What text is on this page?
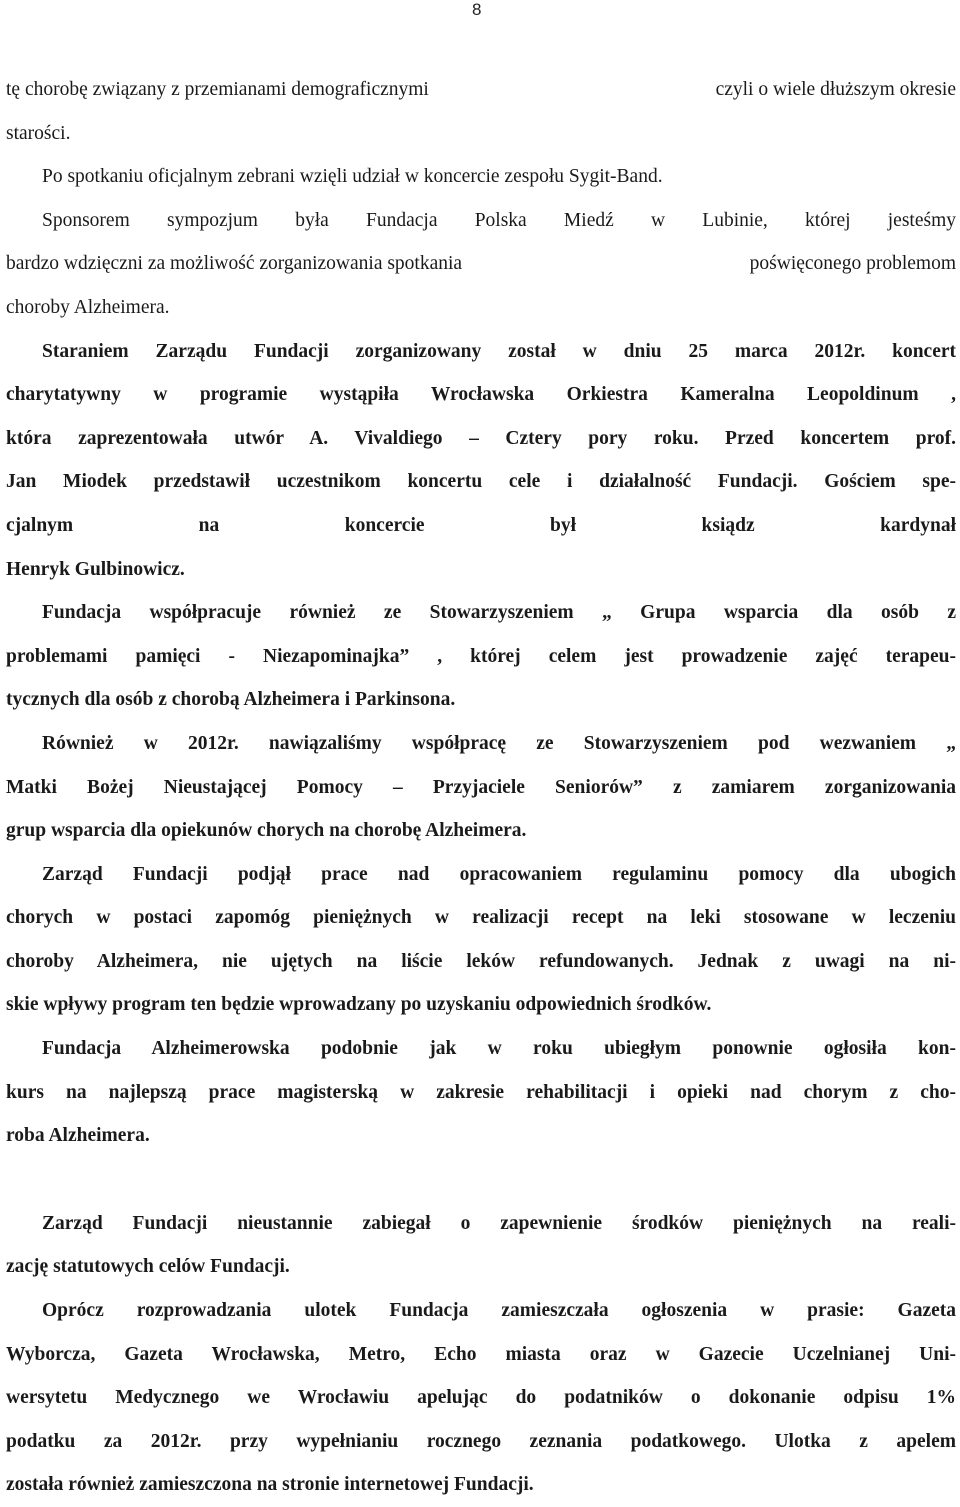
8
tę chorobę związany z przemianami demograficznymi	czyli o wiele dłuższym okresie
starości.
Po spotkaniu oficjalnym zebrani wzięli udział w koncercie zespołu Sygit-Band.
Sponsorem sympozjum była Fundacja Polska Miedź w Lubinie, której jesteśmy
bardzo wdzięczni za możliwość zorganizowania spotkania	poświęconego problemom
choroby Alzheimera.
Staraniem Zarządu Fundacji zorganizowany został w dniu 25 marca 2012r. koncert
charytatywny w programie wystąpiła Wrocławska Orkiestra Kameralna Leopoldinum ,
która zaprezentowała utwór A. Vivaldiego – Cztery pory roku. Przed koncertem prof.
Jan Miodek przedstawił uczestnikom koncertu cele i działalność Fundacji. Gościem spe-
cjalnym na koncercie był ksiądz kardynał
Henryk Gulbinowicz.
Fundacja współpracuje również ze Stowarzyszeniem „ Grupa wsparcia dla osób z
problemami pamięci - Niezapominajka” , której celem jest prowadzenie zajęć terapeu-
tycznych dla osób z chorobą Alzheimera i Parkinsona.
Również w 2012r. nawiązaliśmy współpracę ze Stowarzyszeniem pod wezwaniem „
Matki Bożej Nieustającej Pomocy – Przyjaciele Seniorów” z zamiarem zorganizowania
grup wsparcia dla opiekunów chorych na chorobę Alzheimera.
Zarząd Fundacji podjął prace nad opracowaniem regulaminu pomocy dla ubogich
chorych w postaci zapomóg pieniężnych w realizacji recept na leki stosowane w leczeniu
choroby Alzheimera, nie ujętych na liście leków refundowanych. Jednak z uwagi na ni-
skie wpływy program ten będzie wprowadzany po uzyskaniu odpowiednich środków.
Fundacja Alzheimerowska podobnie jak w roku ubiegłym ponownie ogłosiła kon-
kurs na najlepszą prace magisterską w zakresie rehabilitacji i opieki nad chorym z cho-
roba Alzheimera.
Zarząd Fundacji nieustannie zabiegał o zapewnienie środków pieniężnych na reali-
zację statutowych celów Fundacji.
Oprócz rozprowadzania ulotek Fundacja zamieszczała ogłoszenia w prasie: Gazeta
Wyborcza, Gazeta Wrocławska, Metro, Echo miasta oraz w Gazecie Uczelnianej Uni-
wersytetu Medycznego we Wrocławiu apelując do podatników o dokonanie odpisu 1%
podatku za 2012r. przy wypełnianiu rocznego zeznania podatkowego. Ulotka z apelem
została również zamieszczona na stronie internetowej Fundacji.
